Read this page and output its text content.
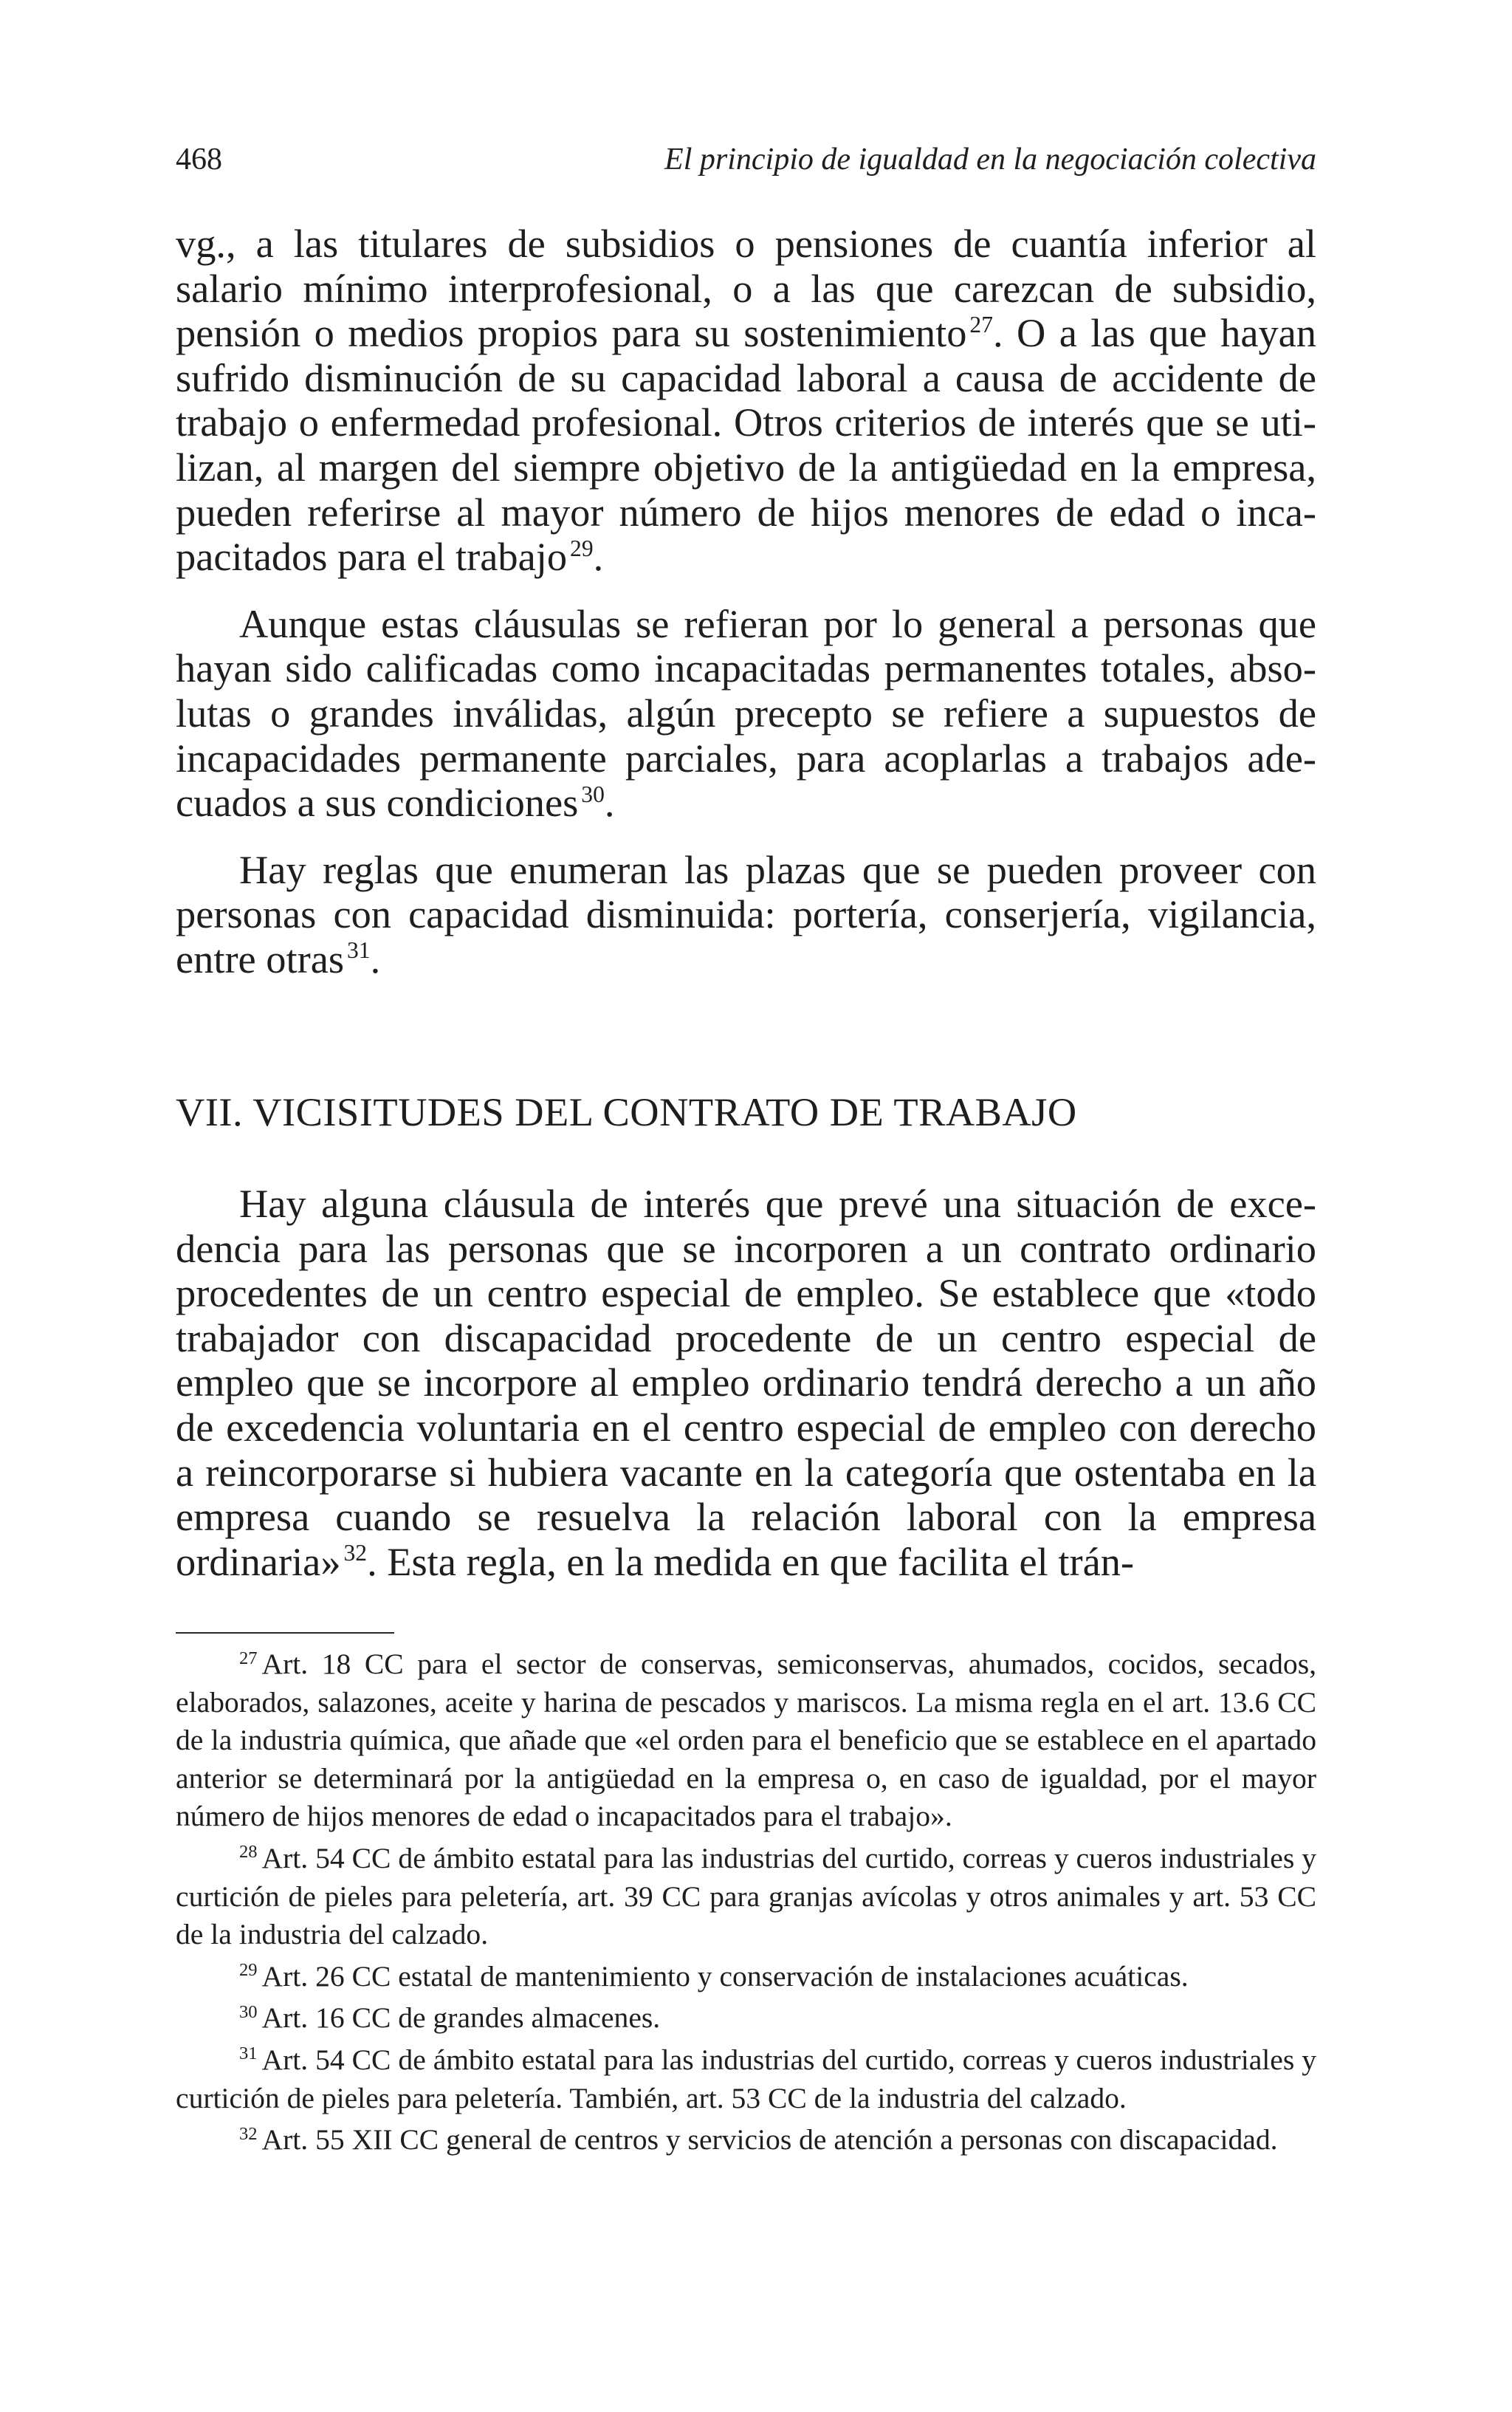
468	El principio de igualdad en la negociación colectiva

vg., a las titulares de subsidios o pensiones de cuantía inferior al salario mínimo interprofesional, o a las que carezcan de subsidio, pensión o medios propios para su sostenimiento $^{27}$. O a las que hayan sufrido disminución de su capacidad laboral a causa de accidente de trabajo o enfermedad profesional. Otros criterios de interés que se utilizan, al margen del siempre objetivo de la antigüedad en la empresa, pueden referirse al mayor número de hijos menores de edad o incapacitados para el trabajo $^{29}$.

Aunque estas cláusulas se refieran por lo general a personas que hayan sido calificadas como incapacitadas permanentes totales, absolutas o grandes inválidas, algún precepto se refiere a supuestos de incapacidades permanente parciales, para acoplarlas a trabajos adecuados a sus condiciones $^{30}$.

Hay reglas que enumeran las plazas que se pueden proveer con personas con capacidad disminuida: portería, conserjería, vigilancia, entre otras $^{31}$.

VII. VICISITUDES DEL CONTRATO DE TRABAJO

Hay alguna cláusula de interés que prevé una situación de excedencia para las personas que se incorporen a un contrato ordinario procedentes de un centro especial de empleo. Se establece que «todo trabajador con discapacidad procedente de un centro especial de empleo que se incorpore al empleo ordinario tendrá derecho a un año de excedencia voluntaria en el centro especial de empleo con derecho a reincorporarse si hubiera vacante en la categoría que ostentaba en la empresa cuando se resuelva la relación laboral con la empresa ordinaria» $^{32}$. Esta regla, en la medida en que facilita el trán-

$^{27}$ Art. 18 CC para el sector de conservas, semiconservas, ahumados, cocidos, secados, elaborados, salazones, aceite y harina de pescados y mariscos. La misma regla en el art. 13.6 CC de la industria química, que añade que «el orden para el beneficio que se establece en el apartado anterior se determinará por la antigüedad en la empresa o, en caso de igualdad, por el mayor número de hijos menores de edad o incapacitados para el trabajo».

$^{28}$ Art. 54 CC de ámbito estatal para las industrias del curtido, correas y cueros industriales y curtición de pieles para peletería, art. 39 CC para granjas avícolas y otros animales y art. 53 CC de la industria del calzado.

$^{29}$ Art. 26 CC estatal de mantenimiento y conservación de instalaciones acuáticas.

$^{30}$ Art. 16 CC de grandes almacenes.

$^{31}$ Art. 54 CC de ámbito estatal para las industrias del curtido, correas y cueros industriales y curtición de pieles para peletería. También, art. 53 CC de la industria del calzado.

$^{32}$ Art. 55 XII CC general de centros y servicios de atención a personas con discapacidad.
